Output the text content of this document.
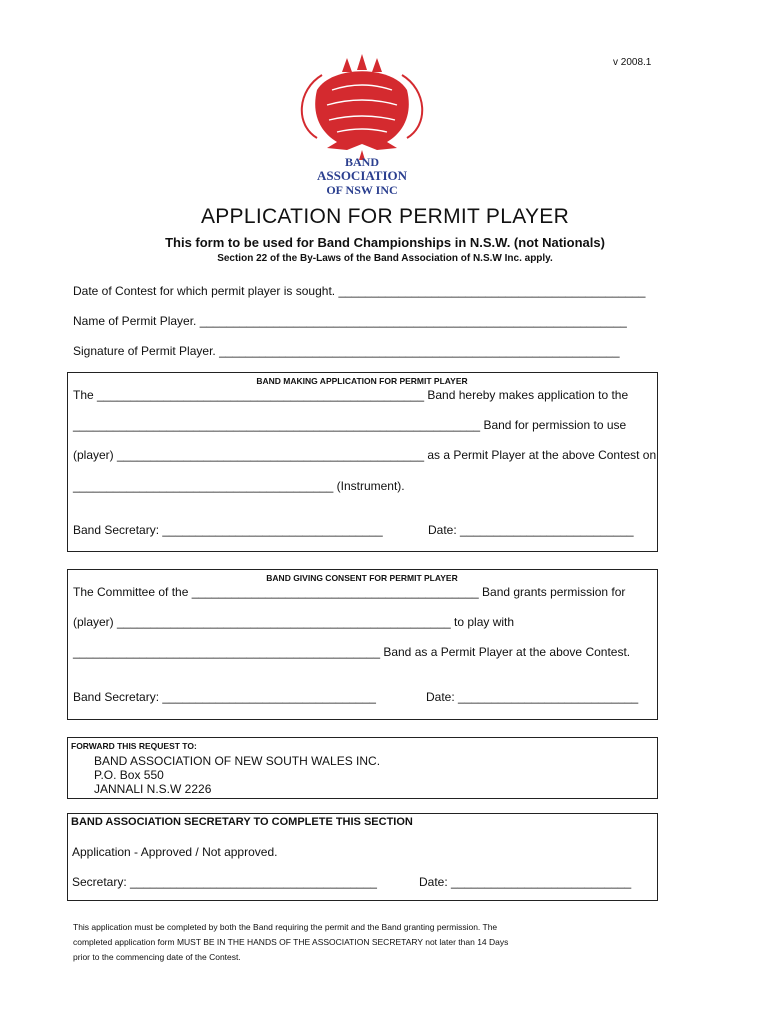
v 2008.1
BAND
ASSOCIATION
OF NSW INC
APPLICATION FOR PERMIT PLAYER
This form to be used for Band Championships in N.S.W. (not Nationals)
Section 22 of the By-Laws of the Band Association of N.S.W Inc. apply.
Date of Contest for which permit player is sought. ______________________________________________
Name of Permit Player. ________________________________________________________________
Signature of Permit Player. ____________________________________________________________
BAND MAKING APPLICATION FOR PERMIT PLAYER
The _________________________________________________ Band hereby makes application to the
_____________________________________________________________ Band for permission to use
(player) ______________________________________________ as a Permit Player at the above Contest on
_______________________________________ (Instrument).
Band Secretary: _________________________________	Date: __________________________
BAND GIVING CONSENT FOR PERMIT PLAYER
The Committee of the ___________________________________________ Band grants permission for
(player) __________________________________________________ to play with
______________________________________________ Band as a Permit Player at the above Contest.
Band Secretary: ________________________________	Date: ___________________________
FORWARD THIS REQUEST TO:
BAND ASSOCIATION OF NEW SOUTH WALES INC.
P.O. Box 550
JANNALI N.S.W 2226
BAND ASSOCIATION SECRETARY TO COMPLETE THIS SECTION
Application - Approved / Not approved.
Secretary: _____________________________________	Date: ___________________________
This application must be completed by both the Band requiring the permit and the Band granting permission. The
completed application form MUST BE IN THE HANDS OF THE ASSOCIATION SECRETARY not later than 14 Days
prior to the commencing date of the Contest.
